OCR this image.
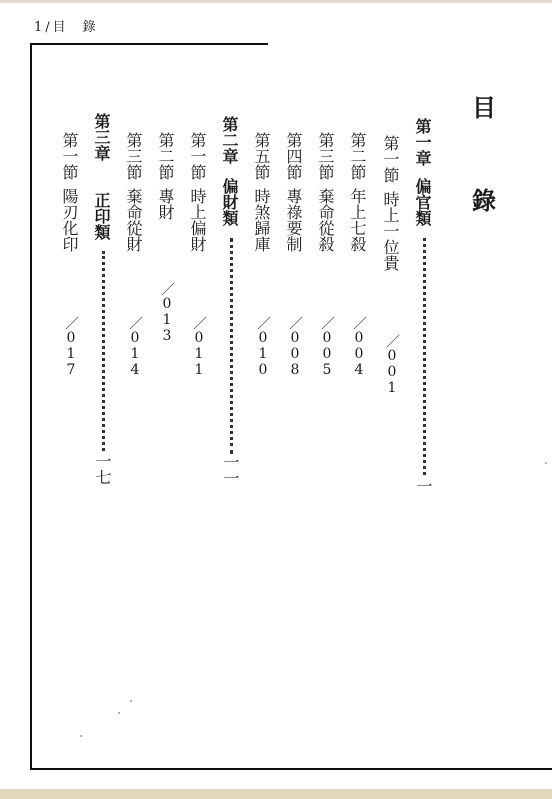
1/目　錄
目
錄
第一章
偏官類
一
第一節
時上一位貴
／001
第二節
年上七殺
／004
第三節
棄命從殺
／005
第四節
專祿要制
／008
第五節
時煞歸庫
／010
第二章
偏財類
一一
第一節
時上偏財
／011
第二節
專財
／013
第三節
棄命從財
／014
第三章
正印類
一七
第一節
陽刃化印
／017
